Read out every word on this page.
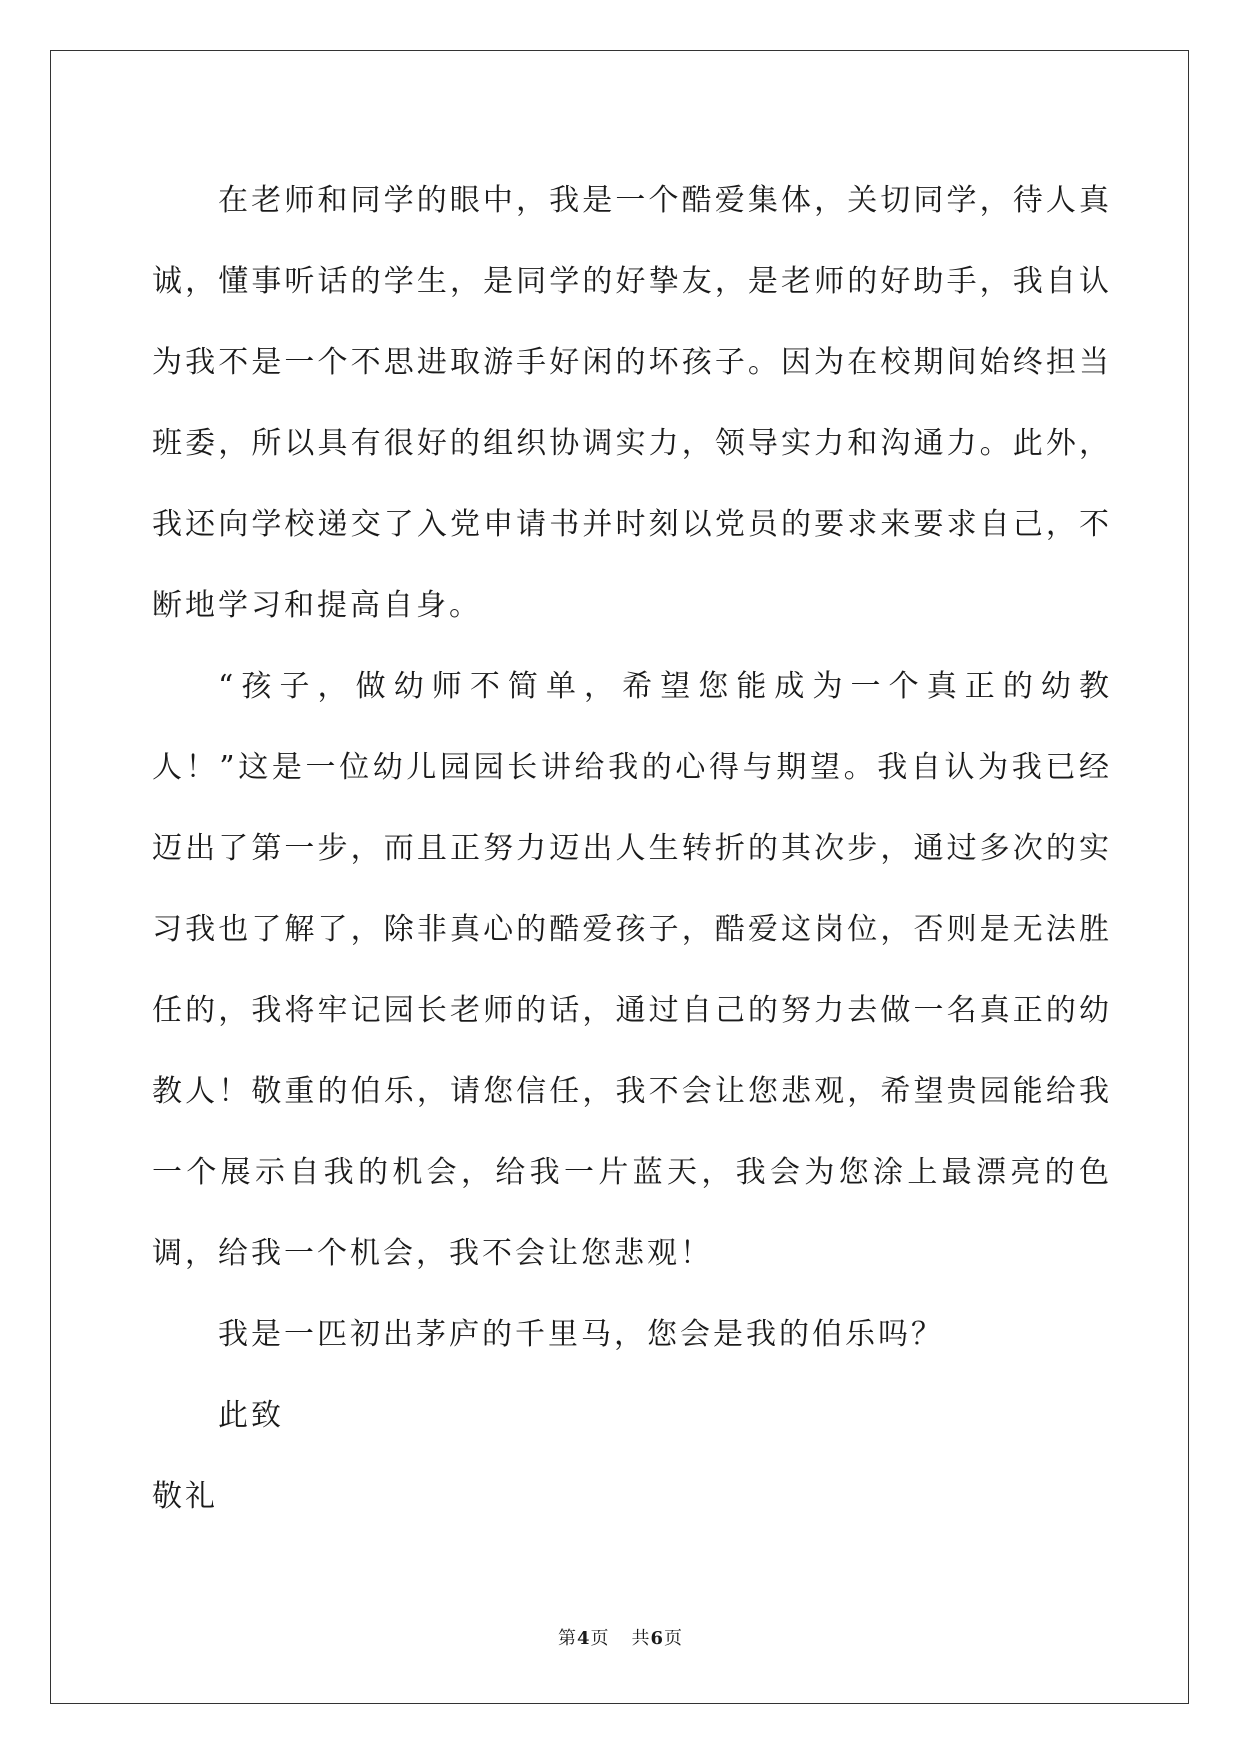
在老师和同学的眼中，我是一个酷爱集体，关切同学，待人真诚，懂事听话的学生，是同学的好挚友，是老师的好助手，我自认为我不是一个不思进取游手好闲的坏孩子。因为在校期间始终担当班委，所以具有很好的组织协调实力，领导实力和沟通力。此外，我还向学校递交了入党申请书并时刻以党员的要求来要求自己，不断地学习和提高自身。

“孩子，做幼师不简单，希望您能成为一个真正的幼教人！”这是一位幼儿园园长讲给我的心得与期望。我自认为我已经迈出了第一步，而且正努力迈出人生转折的其次步，通过多次的实习我也了解了，除非真心的酷爱孩子，酷爱这岗位，否则是无法胜任的，我将牢记园长老师的话，通过自己的努力去做一名真正的幼教人！敬重的伯乐，请您信任，我不会让您悲观，希望贵园能给我一个展示自我的机会，给我一片蓝天，我会为您涂上最漂亮的色调，给我一个机会，我不会让您悲观！

我是一匹初出茅庐的千里马，您会是我的伯乐吗？

此致

敬礼

第4页 共6页
